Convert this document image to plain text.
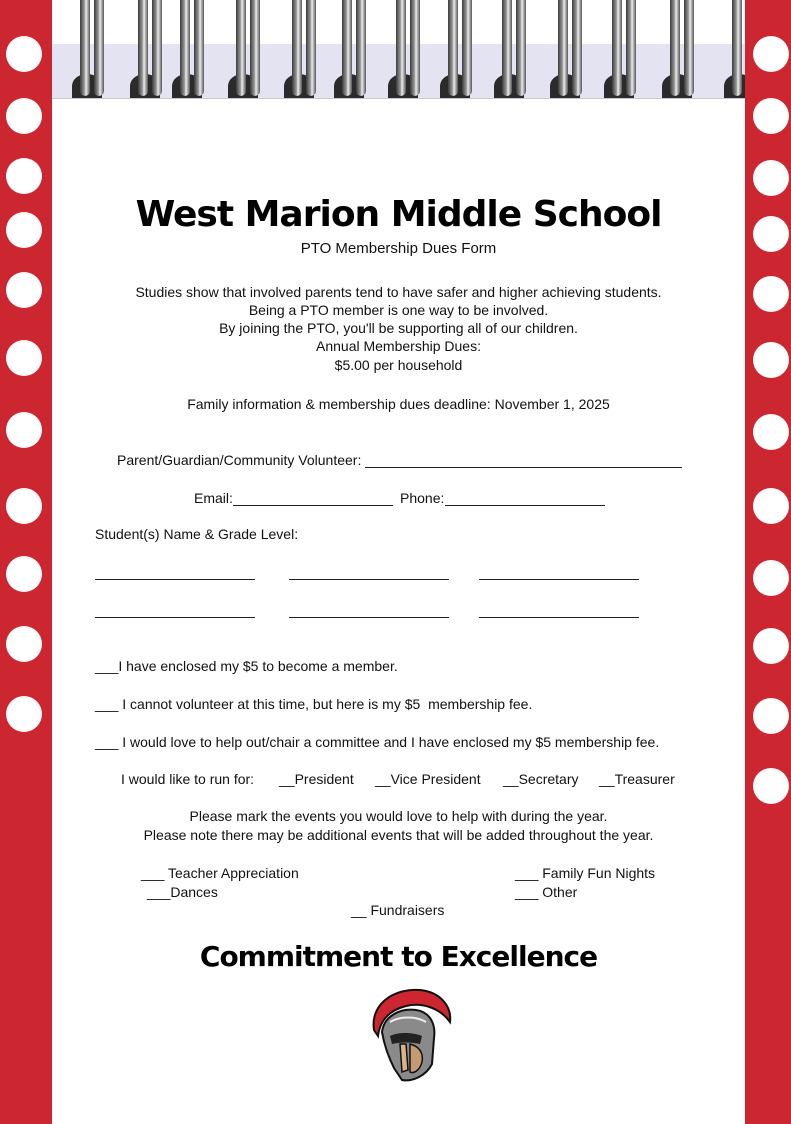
West Marion Middle School
PTO Membership Dues Form
Studies show that involved parents tend to have safer and higher achieving students.
Being a PTO member is one way to be involved.
By joining the PTO, you'll be supporting all of our children.
Annual Membership Dues:
$5.00 per household
Family information & membership dues deadline: November 1, 2025
Parent/Guardian/Community Volunteer:
Email:	Phone:
Student(s) Name & Grade Level:
___I have enclosed my $5 to become a member.
___ I cannot volunteer at this time, but here is my $5  membership fee.
___ I would love to help out/chair a committee and I have enclosed my $5 membership fee.
I would like to run for: __President __Vice President __Secretary __Treasurer
Please mark the events you would love to help with during the year.
Please note there may be additional events that will be added throughout the year.
___ Teacher Appreciation
___Dances
___ Family Fun Nights
___ Other
__ Fundraisers
Commitment to Excellence
